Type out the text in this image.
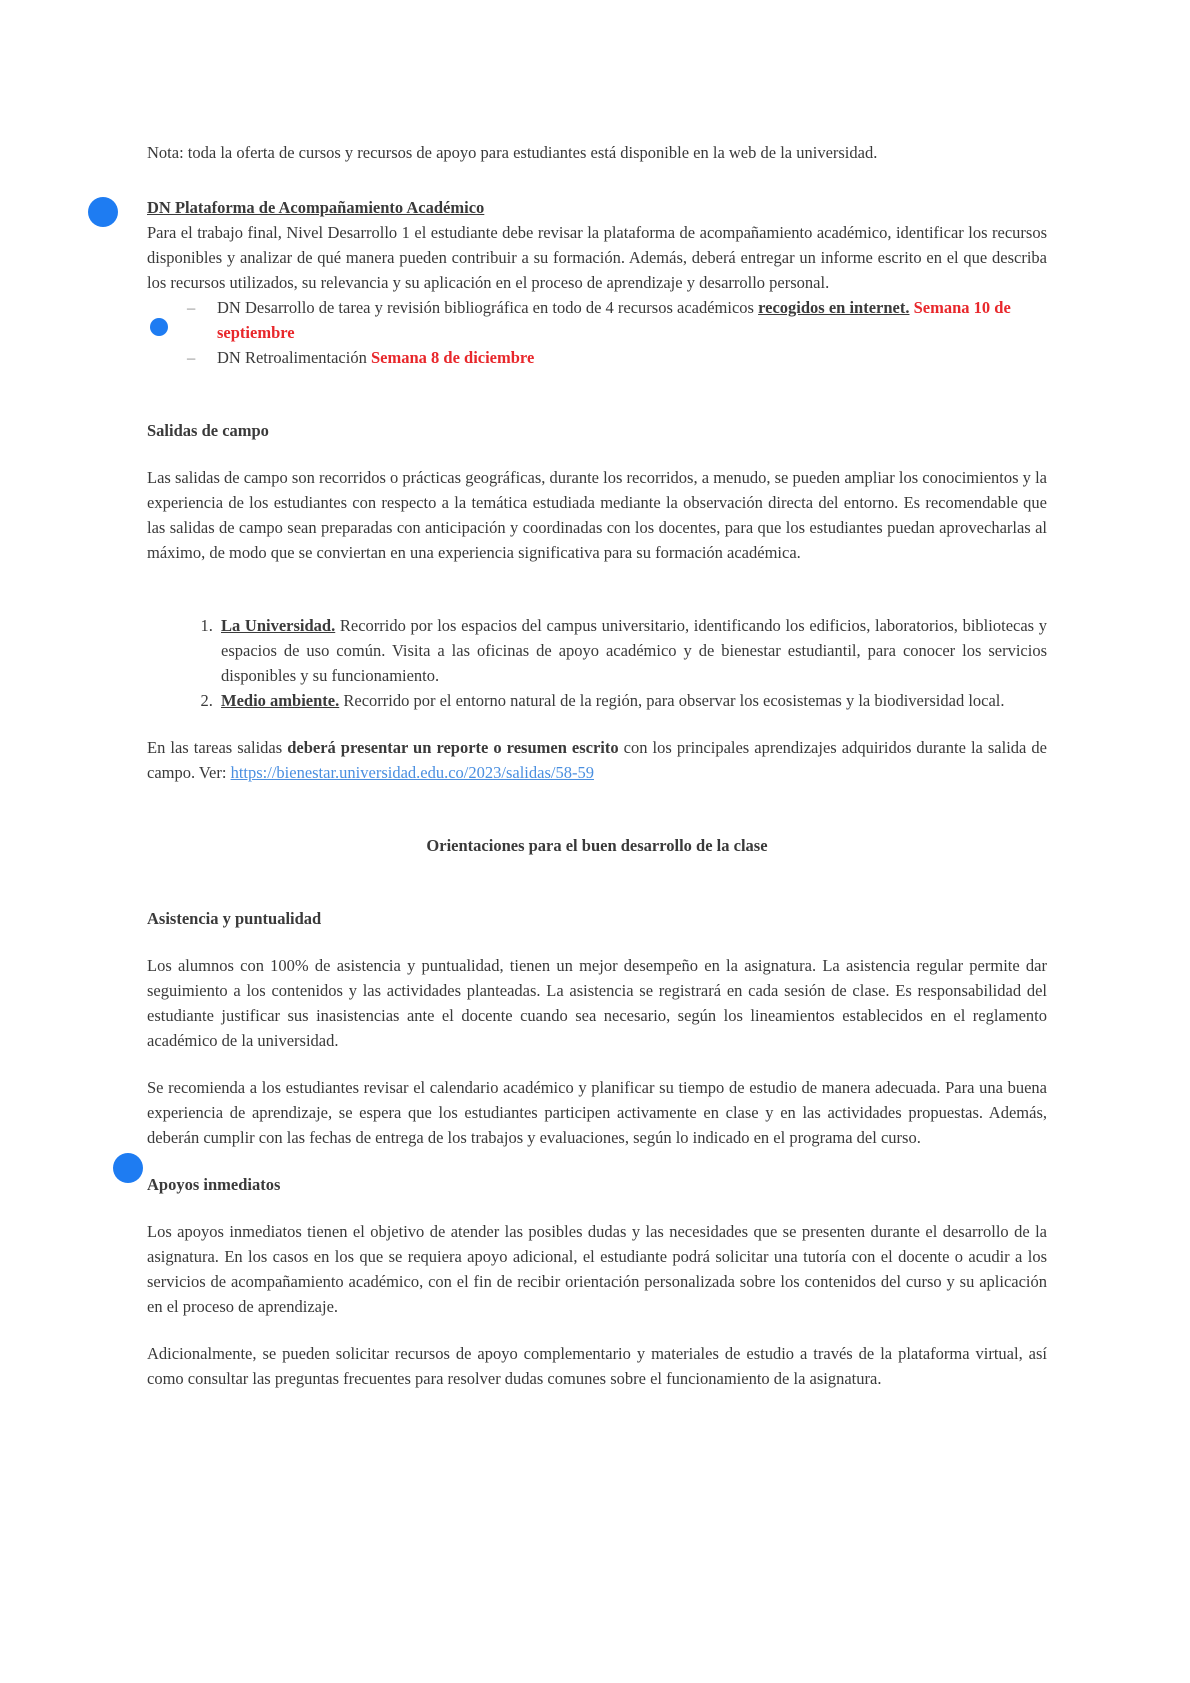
Nota: toda la oferta de cursos y recursos de apoyo para estudiantes está disponible en la web de la universidad.

DN Plataforma de Acompañamiento Académico

Para el trabajo final, Nivel Desarrollo 1 el estudiante debe revisar la plataforma de acompañamiento académico, identificar los recursos disponibles y analizar de qué manera pueden contribuir a su formación. Además, deberá entregar un informe escrito en el que describa los recursos utilizados, su relevancia y su aplicación en el proceso de aprendizaje y desarrollo personal.

– DN Desarrollo de tarea y revisión bibliográfica en todo de 4 recursos académicos recogidos en internet. Semana 10 de septiembre
– DN Retroalimentación Semana 8 de diciembre
Salidas de campo

Las salidas de campo son recorridos o prácticas geográficas, durante los recorridos, a menudo, se pueden ampliar los conocimientos y la experiencia de los estudiantes con respecto a la temática estudiada mediante la observación directa del entorno. Es recomendable que las salidas de campo sean preparadas con anticipación y coordinadas con los docentes, para que los estudiantes puedan aprovecharlas al máximo, de modo que se conviertan en una experiencia significativa para su formación académica.

1. La Universidad. Recorrido por los espacios del campus universitario, identificando los edificios, laboratorios, bibliotecas y espacios de uso común. Visita a las oficinas de apoyo académico y de bienestar estudiantil, para conocer los servicios disponibles y su funcionamiento.
2. Medio ambiente. Recorrido por el entorno natural de la región, para observar los ecosistemas y la biodiversidad local.

En las tareas salidas deberá presentar un reporte o resumen escrito con los principales aprendizajes adquiridos durante la salida de campo. Ver: https://bienestar.universidad.edu.co/2023/salidas/58-59

Orientaciones para el buen desarrollo de la clase
Asistencia y puntualidad

Los alumnos con 100% de asistencia y puntualidad, tienen un mejor desempeño en la asignatura. La asistencia regular permite dar seguimiento a los contenidos y las actividades planteadas. La asistencia se registrará en cada sesión de clase. Es responsabilidad del estudiante justificar sus inasistencias ante el docente cuando sea necesario, según los lineamientos establecidos en el reglamento académico de la universidad.

Se recomienda a los estudiantes revisar el calendario académico y planificar su tiempo de estudio de manera adecuada. Para una buena experiencia de aprendizaje, se espera que los estudiantes participen activamente en clase y en las actividades propuestas. Además, deberán cumplir con las fechas de entrega de los trabajos y evaluaciones, según lo indicado en el programa del curso.

Apoyos inmediatos

Los apoyos inmediatos tienen el objetivo de atender las posibles dudas y las necesidades que se presenten durante el desarrollo de la asignatura. En los casos en los que se requiera apoyo adicional, el estudiante podrá solicitar una tutoría con el docente o acudir a los servicios de acompañamiento académico, con el fin de recibir orientación personalizada sobre los contenidos del curso y su aplicación en el proceso de aprendizaje.

Adicionalmente, se pueden solicitar recursos de apoyo complementario y materiales de estudio a través de la plataforma virtual, así como consultar las preguntas frecuentes para resolver dudas comunes sobre el funcionamiento de la asignatura.
